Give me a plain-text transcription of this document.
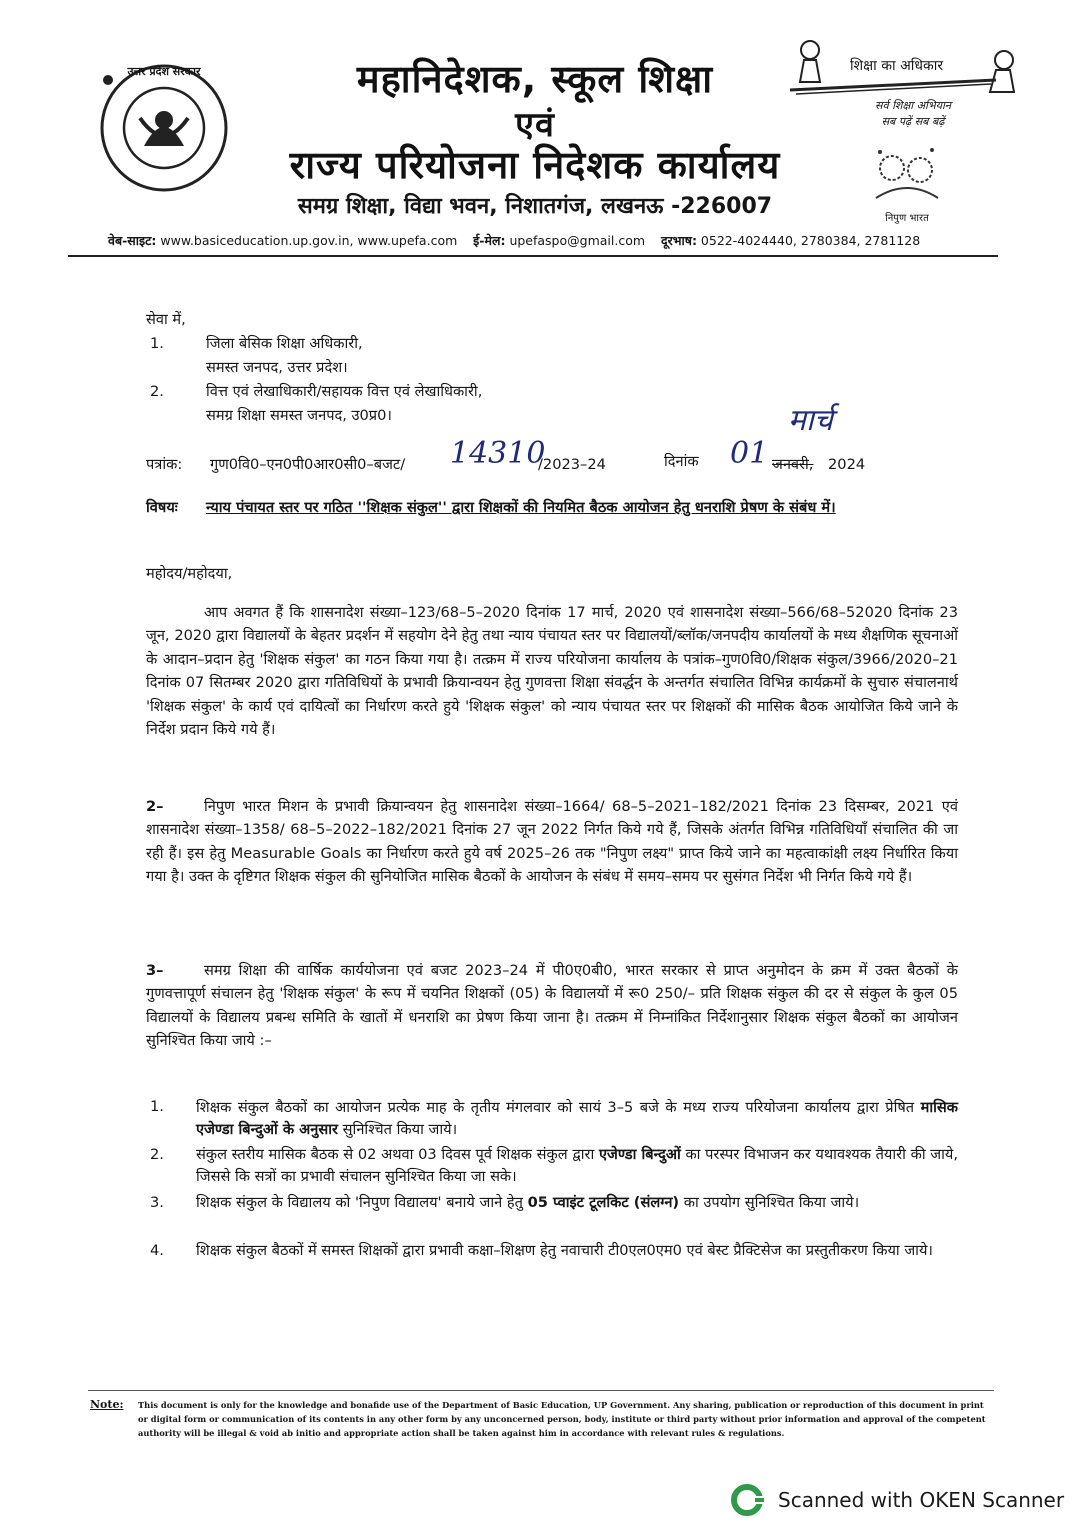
उत्तर प्रदेश सरकार	महानिदेशक, स्कूल शिक्षा
एवं
राज्य परियोजना निदेशक कार्यालय
समग्र शिक्षा, विद्या भवन, निशातगंज, लखनऊ -226007
शिक्षा का अधिकार
सर्व शिक्षा अभियान
सब पढ़ें सब बढ़ें
निपुण भारत
वेब-साइट: www.basiceducation.up.gov.in, www.upefa.com ई-मेल: upefaspo@gmail.com दूरभाष: 0522-4024440, 2780384, 2781128
सेवा में,
1.	जिला बेसिक शिक्षा अधिकारी,
समस्त जनपद, उत्तर प्रदेश।
2.	वित्त एवं लेखाधिकारी/सहायक वित्त एवं लेखाधिकारी,
समग्र शिक्षा समस्त जनपद, उ0प्र0।
पत्रांक: गुण0वि0–एन0पी0आर0सी0–बजट/ 14310
/2023–24	दिनांक 01
मार्च
जनवरी, 2024
विषयः न्याय पंचायत स्तर पर गठित ''शिक्षक संकुल'' द्वारा शिक्षकों की नियमित बैठक आयोजन हेतु धनराशि प्रेषण के संबंध में।
महोदय/महोदया,
आप अवगत हैं कि शासनादेश संख्या–123/68–5–2020 दिनांक 17 मार्च, 2020 एवं शासनादेश संख्या–566/68–52020 दिनांक 23 जून, 2020 द्वारा विद्यालयों के बेहतर प्रदर्शन में सहयोग देने हेतु तथा न्याय पंचायत स्तर पर विद्यालयों/ब्लॉक/जनपदीय कार्यालयों के मध्य शैक्षणिक सूचनाओं के आदान–प्रदान हेतु 'शिक्षक संकुल' का गठन किया गया है। तत्क्रम में राज्य परियोजना कार्यालय के पत्रांक–गुण0वि0/शिक्षक संकुल/3966/2020–21 दिनांक 07 सितम्बर 2020 द्वारा गतिविधियों के प्रभावी क्रियान्वयन हेतु गुणवत्ता शिक्षा संवर्द्धन के अन्तर्गत संचालित विभिन्न कार्यक्रमों के सुचारु संचालनार्थ 'शिक्षक संकुल' के कार्य एवं दायित्वों का निर्धारण करते हुये 'शिक्षक संकुल' को न्याय पंचायत स्तर पर शिक्षकों की मासिक बैठक आयोजित किये जाने के निर्देश प्रदान किये गये हैं।
2–	निपुण भारत मिशन के प्रभावी क्रियान्वयन हेतु शासनादेश संख्या–1664/ 68–5–2021–182/2021 दिनांक 23 दिसम्बर, 2021 एवं शासनादेश संख्या–1358/ 68–5–2022–182/2021 दिनांक 27 जून 2022 निर्गत किये गये हैं, जिसके अंतर्गत विभिन्न गतिविधियाँ संचालित की जा रही हैं। इस हेतु Measurable Goals का निर्धारण करते हुये वर्ष 2025–26 तक "निपुण लक्ष्य" प्राप्त किये जाने का महत्वाकांक्षी लक्ष्य निर्धारित किया गया है। उक्त के दृष्टिगत शिक्षक संकुल की सुनियोजित मासिक बैठकों के आयोजन के संबंध में समय–समय पर सुसंगत निर्देश भी निर्गत किये गये हैं।
3–	समग्र शिक्षा की वार्षिक कार्ययोजना एवं बजट 2023–24 में पी0ए0बी0, भारत सरकार से प्राप्त अनुमोदन के क्रम में उक्त बैठकों के गुणवत्तापूर्ण संचालन हेतु 'शिक्षक संकुल' के रूप में चयनित शिक्षकों (05) के विद्यालयों में रू0 250/– प्रति शिक्षक संकुल की दर से संकुल के कुल 05 विद्यालयों के विद्यालय प्रबन्ध समिति के खातों में धनराशि का प्रेषण किया जाना है। तत्क्रम में निम्नांकित निर्देशानुसार शिक्षक संकुल बैठकों का आयोजन सुनिश्चित किया जाये :–
1. शिक्षक संकुल बैठकों का आयोजन प्रत्येक माह के तृतीय मंगलवार को सायं 3–5 बजे के मध्य राज्य परियोजना कार्यालय द्वारा प्रेषित मासिक एजेण्डा बिन्दुओं के अनुसार सुनिश्चित किया जाये।
2. संकुल स्तरीय मासिक बैठक से 02 अथवा 03 दिवस पूर्व शिक्षक संकुल द्वारा एजेण्डा बिन्दुओं का परस्पर विभाजन कर यथावश्यक तैयारी की जाये, जिससे कि सत्रों का प्रभावी संचालन सुनिश्चित किया जा सके।
3. शिक्षक संकुल के विद्यालय को 'निपुण विद्यालय' बनाये जाने हेतु 05 प्वाइंट टूलकिट (संलग्न) का उपयोग सुनिश्चित किया जाये।
4. शिक्षक संकुल बैठकों में समस्त शिक्षकों द्वारा प्रभावी कक्षा–शिक्षण हेतु नवाचारी टी0एल0एम0 एवं बेस्ट प्रैक्टिसेज का प्रस्तुतीकरण किया जाये।
Note: This document is only for the knowledge and bonafide use of the Department of Basic Education, UP Government. Any sharing, publication or reproduction of this document in print or digital form or communication of its contents in any other form by any unconcerned person, body, institute or third party without prior information and approval of the competent authority will be illegal & void ab initio and appropriate action shall be taken against him in accordance with relevant rules & regulations.
Scanned with OKEN Scanner
